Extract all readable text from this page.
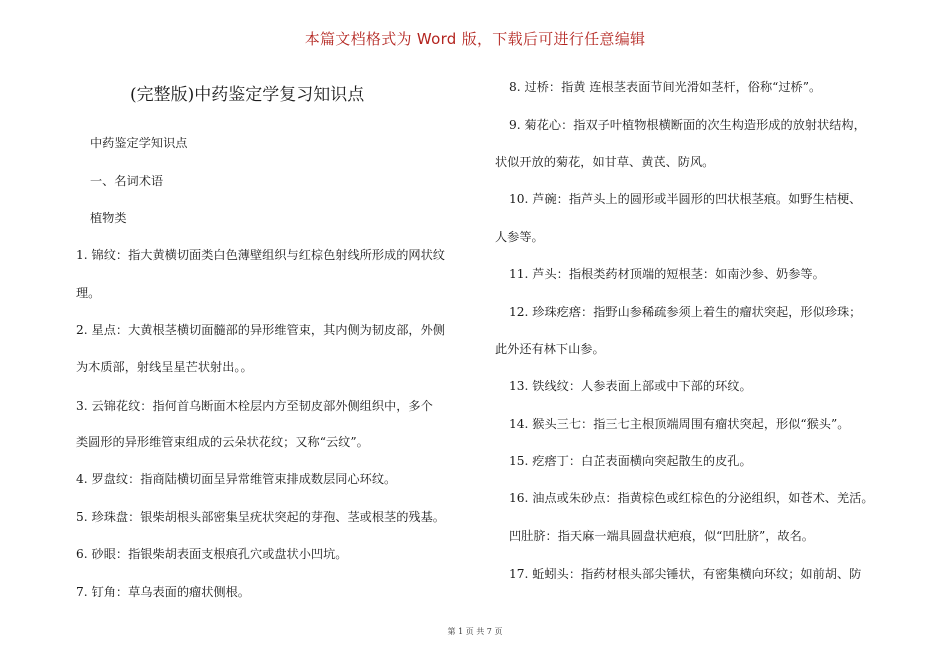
本篇文档格式为 Word 版，下载后可进行任意编辑
(完整版)中药鉴定学复习知识点

中药鉴定学知识点

一、名词术语

植物类

1. 锦纹：指大黄横切面类白色薄壁组织与红棕色射线所形成的网状纹

理。

2. 星点：大黄根茎横切面髓部的异形维管束，其内侧为韧皮部，外侧

为木质部，射线呈星芒状射出。。

3. 云锦花纹：指何首乌断面木栓层内方至韧皮部外侧组织中，多个

类圆形的异形维管束组成的云朵状花纹；又称“云纹”。

4. 罗盘纹：指商陆横切面呈异常维管束排成数层同心环纹。

5. 珍珠盘：银柴胡根头部密集呈疣状突起的芽孢、茎或根茎的残基。

6. 砂眼：指银柴胡表面支根痕孔穴或盘状小凹坑。

7. 钉角：草乌表面的瘤状侧根。

8. 过桥：指黄 连根茎表面节间光滑如茎杆，俗称“过桥”。

9. 菊花心：指双子叶植物根横断面的次生构造形成的放射状结构，

状似开放的菊花，如甘草、黄芪、防风。

10. 芦碗：指芦头上的圆形或半圆形的凹状根茎痕。如野生桔梗、

人参等。

11. 芦头：指根类药材顶端的短根茎：如南沙参、奶参等。

12. 珍珠疙瘩：指野山参稀疏参须上着生的瘤状突起，形似珍珠；

此外还有林下山参。

13. 铁线纹：人参表面上部或中下部的环纹。

14. 猴头三七：指三七主根顶端周围有瘤状突起，形似“猴头”。

15. 疙瘩丁：白芷表面横向突起散生的皮孔。

16. 油点或朱砂点：指黄棕色或红棕色的分泌组织，如苍术、羌活。

凹肚脐：指天麻一端具圆盘状疤痕，似“凹肚脐”，故名。

17. 蚯蚓头：指药材根头部尖锤状，有密集横向环纹；如前胡、防

第 1 页 共 7 页
